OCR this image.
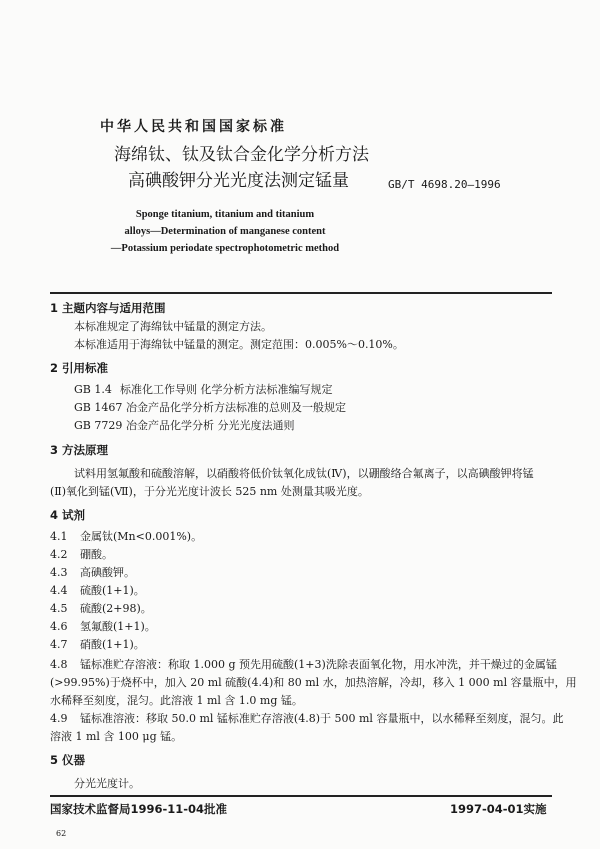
中华人民共和国国家标准
海绵钛、钛及钛合金化学分析方法
高碘酸钾分光光度法测定锰量	GB/T 4698.20—1996
Sponge titanium, titanium and titanium
alloys—Determination of manganese content
—Potassium periodate spectrophotometric method
1 主题内容与适用范围
本标准规定了海绵钛中锰量的测定方法。
本标准适用于海绵钛中锰量的测定。测定范围：0.005%～0.10%。
2 引用标准
GB 1.4 标准化工作导则 化学分析方法标准编写规定
GB 1467 冶金产品化学分析方法标准的总则及一般规定
GB 7729 冶金产品化学分析 分光光度法通则
3 方法原理
试料用氢氟酸和硫酸溶解，以硝酸将低价钛氧化成钛(Ⅳ)，以硼酸络合氟离子，以高碘酸钾将锰
(Ⅱ)氧化到锰(Ⅶ)，于分光光度计波长 525 nm 处测量其吸光度。
4 试剂
4.1 金属钛(Mn<0.001%)。
4.2 硼酸。
4.3 高碘酸钾。
4.4 硫酸(1+1)。
4.5 硫酸(2+98)。
4.6 氢氟酸(1+1)。
4.7 硝酸(1+1)。
4.8 锰标准贮存溶液：称取 1.000 g 预先用硫酸(1+3)洗除表面氧化物，用水冲洗，并干燥过的金属锰
(>99.95%)于烧杯中，加入 20 ml 硫酸(4.4)和 80 ml 水，加热溶解，冷却，移入 1 000 ml 容量瓶中，用
水稀释至刻度，混匀。此溶液 1 ml 含 1.0 mg 锰。
4.9 锰标准溶液：移取 50.0 ml 锰标准贮存溶液(4.8)于 500 ml 容量瓶中，以水稀释至刻度，混匀。此
溶液 1 ml 含 100 μg 锰。
5 仪器
分光光度计。
国家技术监督局1996-11-04批准	1997-04-01实施
62
